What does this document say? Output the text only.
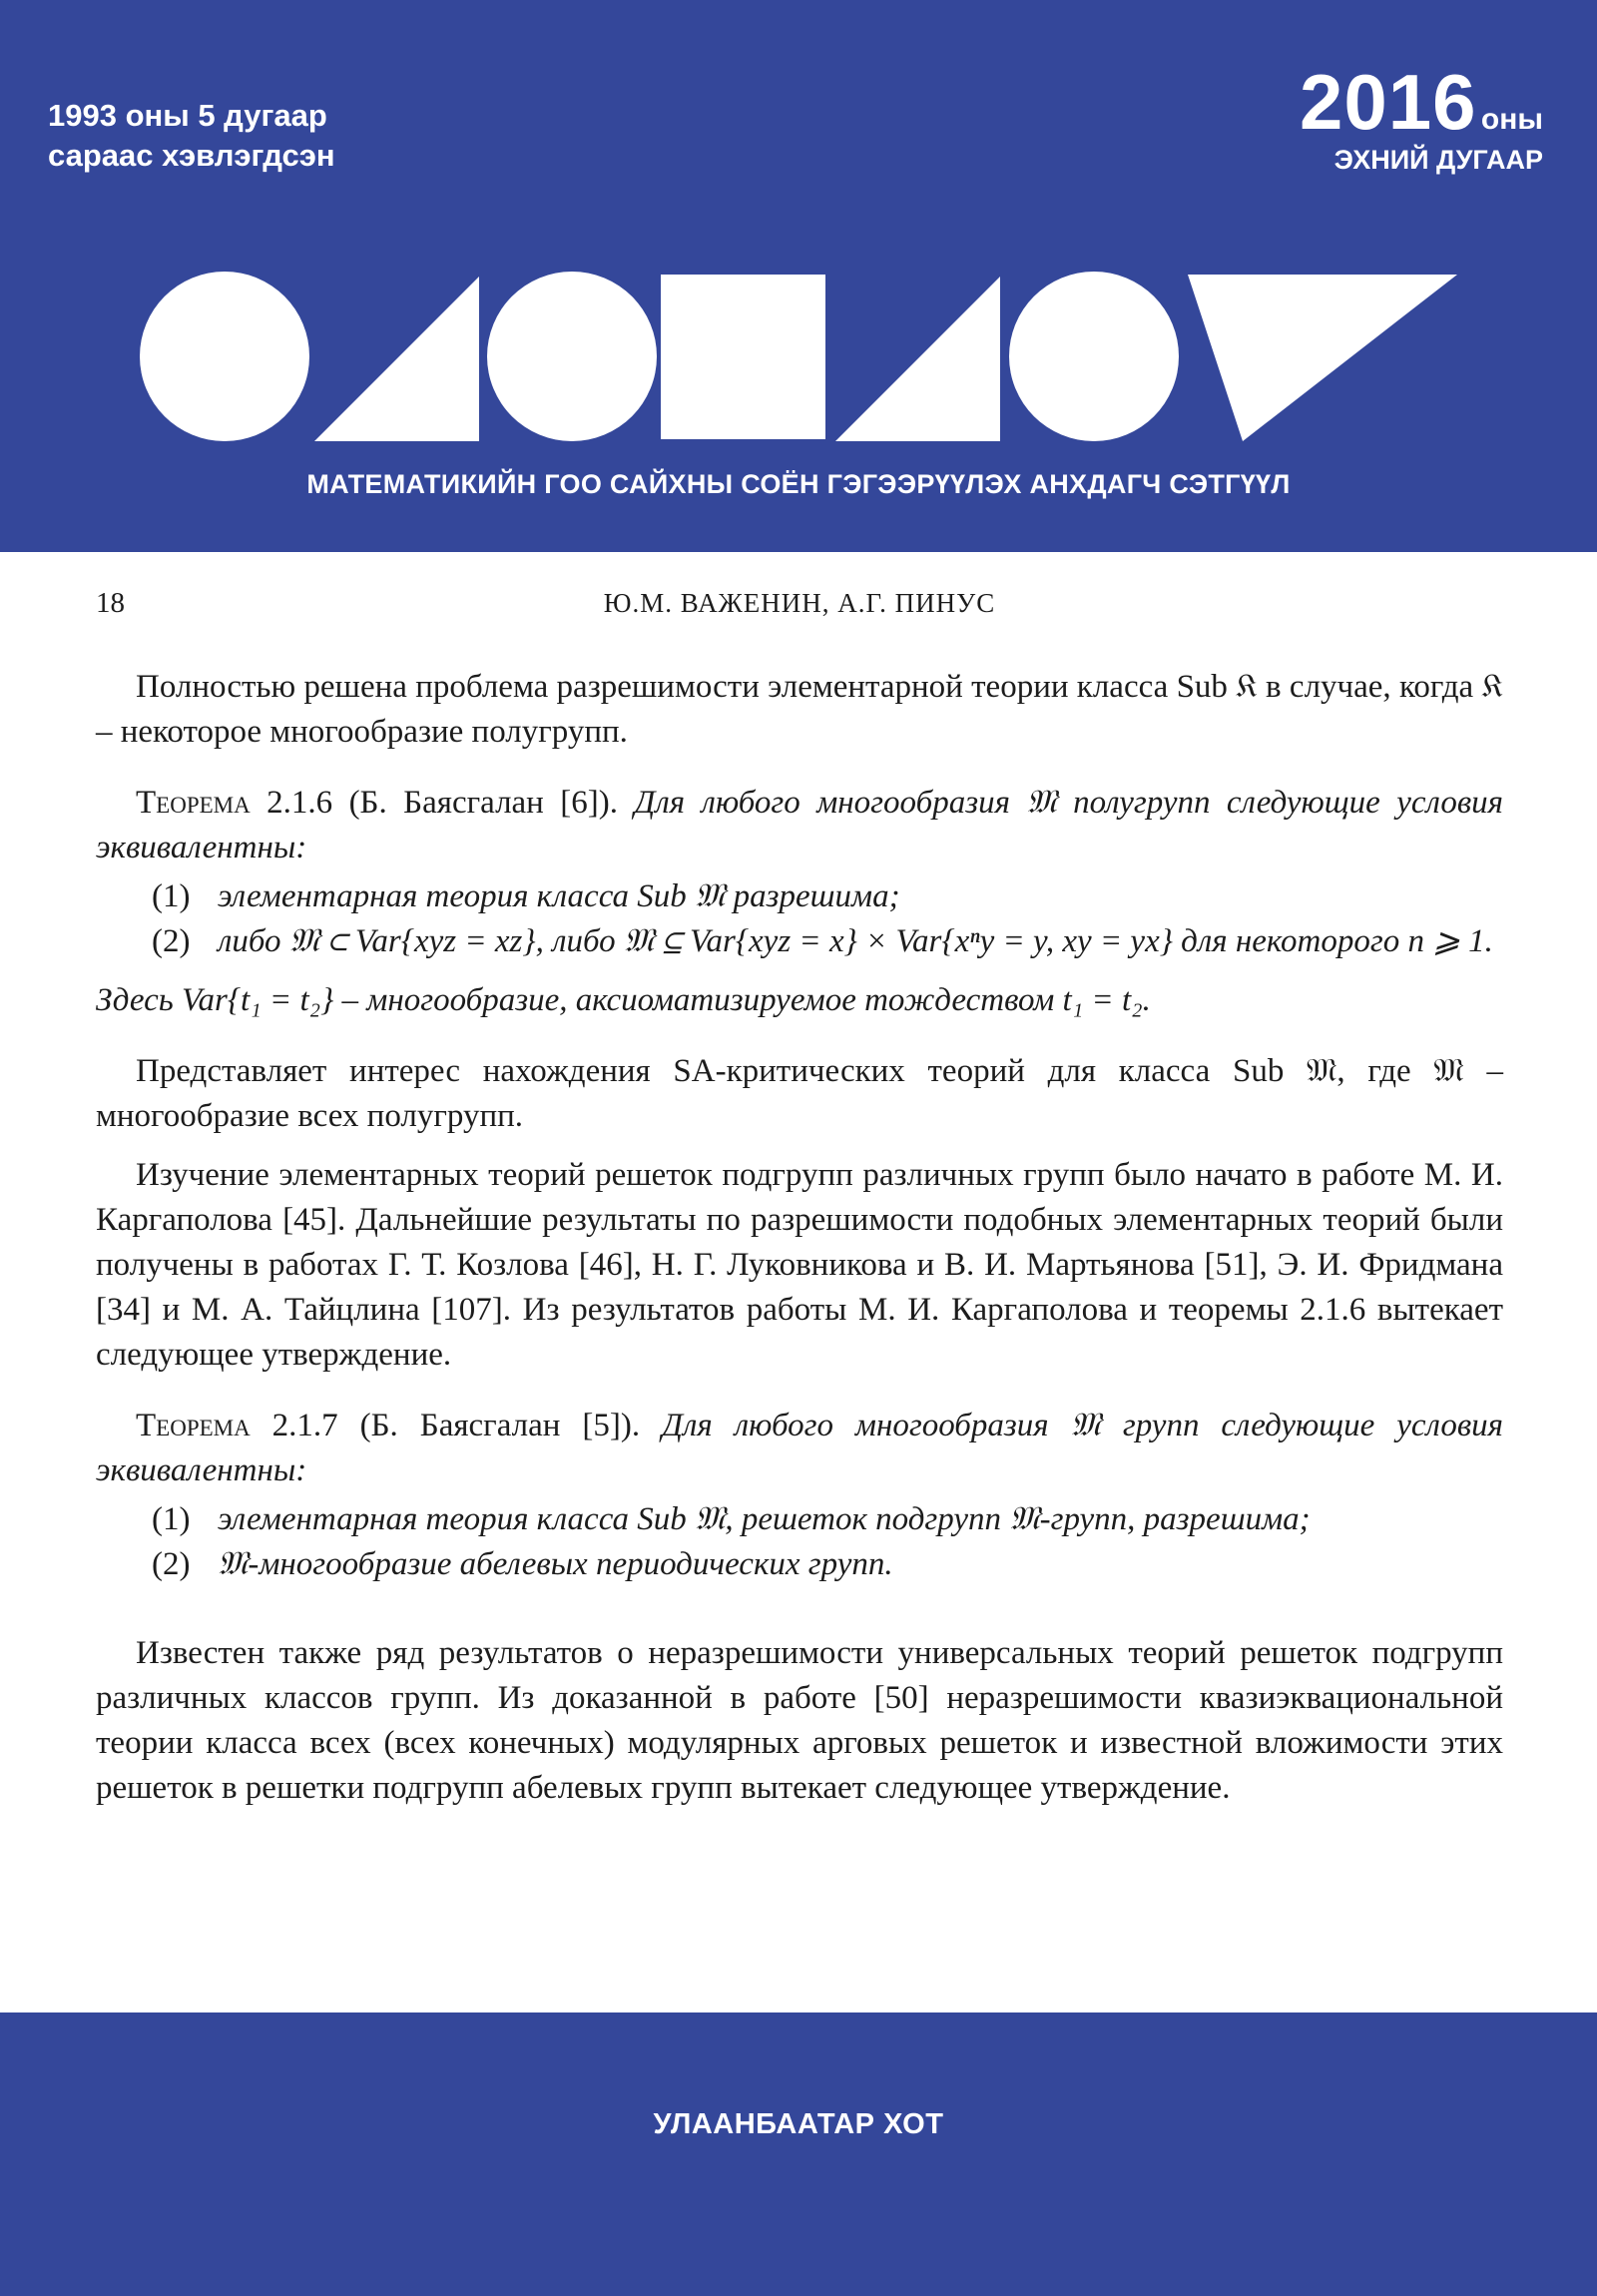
1993 оны 5 дугаар
сараас хэвлэгдсэн
2016 оны
ЭХНИЙ ДУГААР
МАТЕМАТИКИЙН ГОО САЙХНЫ СОЁН ГЭГЭЭРҮҮЛЭХ АНХДАГЧ СЭТГҮҮЛ
18	Ю.М. ВАЖЕНИН, А.Г. ПИНУС

Полностью решена проблема разрешимости элементарной теории класса Sub 𝔎 в случае, когда 𝔎 – некоторое многообразие полугрупп.

Теорема 2.1.6 (Б. Баясгалан [6]). Для любого многообразия 𝔐 полугрупп следующие условия эквивалентны:

(1) элементарная теория класса Sub 𝔐 разрешима;
(2) либо 𝔐 ⊂ Var{xyz = xz}, либо 𝔐 ⊆ Var{xyz = x} × Var{xⁿy = y, xy = yx} для некоторого n ⩾ 1.

Здесь Var{t₁ = t₂} – многообразие, аксиоматизируемое тождеством t₁ = t₂.

Представляет интерес нахождения SA-критических теорий для класса Sub 𝔐, где 𝔐 – многообразие всех полугрупп.

Изучение элементарных теорий решеток подгрупп различных групп было начато в работе М. И. Каргаполова [45]. Дальнейшие результаты по разрешимости подобных элементарных теорий были получены в работах Г. Т. Козлова [46], Н. Г. Луковникова и В. И. Мартьянова [51], Э. И. Фридмана [34] и М. А. Тайцлина [107]. Из результатов работы М. И. Каргаполова и теоремы 2.1.6 вытекает следующее утверждение.

Теорема 2.1.7 (Б. Баясгалан [5]). Для любого многообразия 𝔐 групп следующие условия эквивалентны:

(1) элементарная теория класса Sub 𝔐, решеток подгрупп 𝔐-групп, разрешима;
(2) 𝔐-многообразие абелевых периодических групп.

Известен также ряд результатов о неразрешимости универсальных теорий решеток подгрупп различных классов групп. Из доказанной в работе [50] неразрешимости квазиэквациональной теории класса всех (всех конечных) модулярных арговых решеток и известной вложимости этих решеток в решетки подгрупп абелевых групп вытекает следующее утверждение.

УЛААНБААТАР ХОТ
